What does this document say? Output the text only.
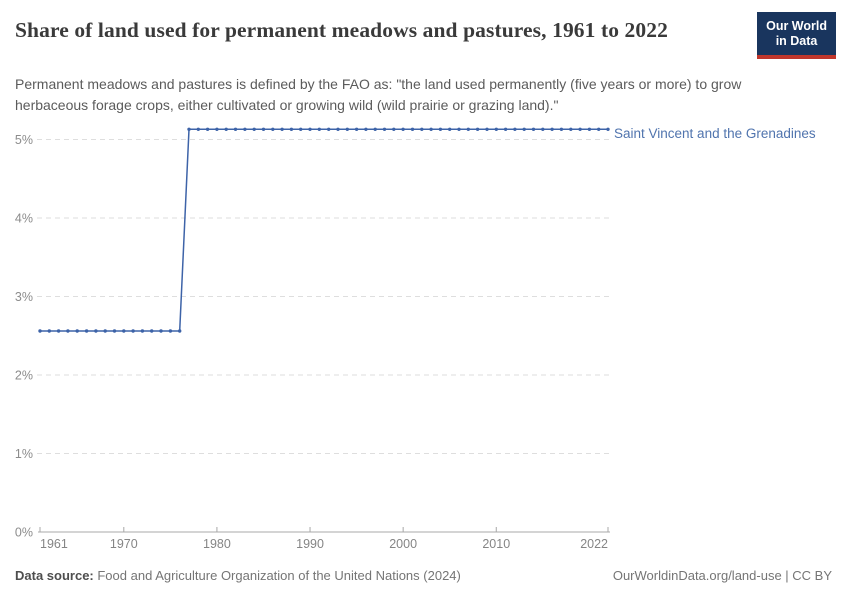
Share of land used for permanent meadows and pastures, 1961 to 2022	Our World
in Data
Permanent meadows and pastures is defined by the FAO as: "the land used permanently (five years or more) to grow herbaceous forage crops, either cultivated or growing wild (wild prairie or grazing land)."
0%
1%
2%
3%
4%
5%
1961	1970	1980	1990	2000	2010	2022
Saint Vincent and the Grenadines
Data source: Food and Agriculture Organization of the United Nations (2024)	OurWorldinData.org/land-use | CC BY
